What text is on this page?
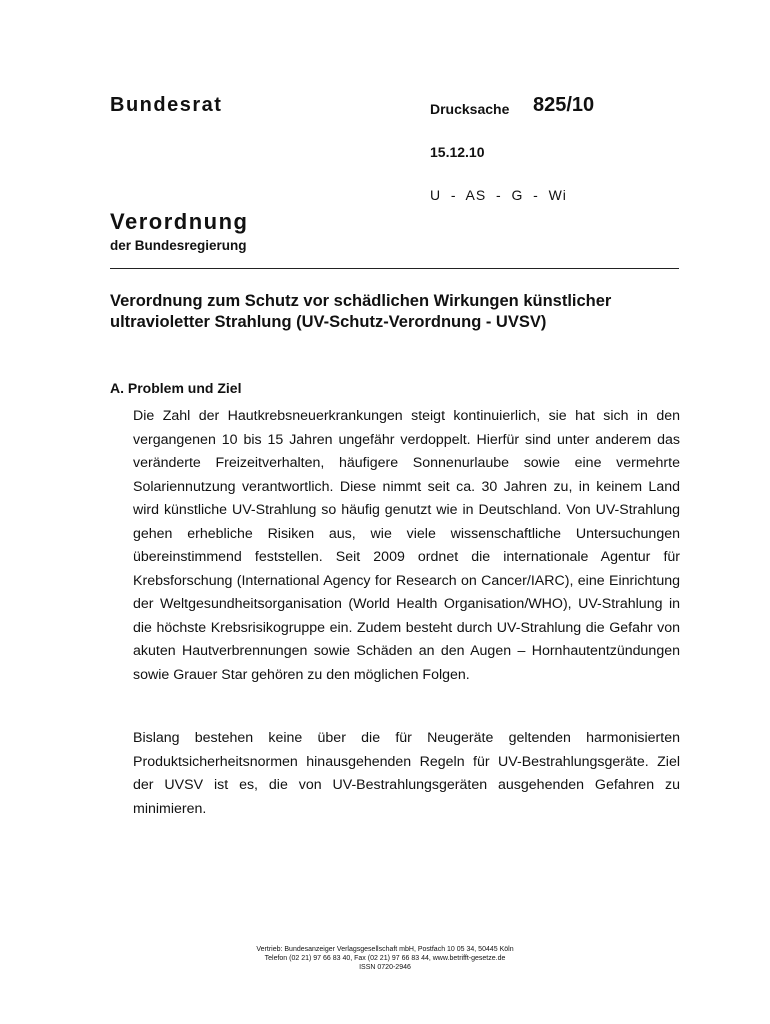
Bundesrat	Drucksache 825/10
15.12.10
U  -  AS  -  G  -  Wi
Verordnung
der Bundesregierung
Verordnung zum Schutz vor schädlichen Wirkungen künstlicher ultravioletter Strahlung (UV-Schutz-Verordnung - UVSV)
A. Problem und Ziel
Die Zahl der Hautkrebsneuerkrankungen steigt kontinuierlich, sie hat sich in den vergangenen 10 bis 15 Jahren ungefähr verdoppelt. Hierfür sind unter anderem das veränderte Freizeitverhalten, häufigere Sonnenurlaube sowie eine vermehrte Solariennutzung verantwortlich. Diese nimmt seit ca. 30 Jahren zu, in keinem Land wird künstliche UV-Strahlung so häufig genutzt wie in Deutschland. Von UV-Strahlung gehen erhebliche Risiken aus, wie viele wissenschaftliche Untersuchungen übereinstimmend feststellen. Seit 2009 ordnet die internationale Agentur für Krebsforschung (International Agency for Research on Cancer/IARC), eine Einrichtung der Weltgesundheitsorganisation (World Health Organisation/WHO), UV-Strahlung in die höchste Krebsrisikogruppe ein. Zudem besteht durch UV-Strahlung die Gefahr von akuten Hautverbrennungen sowie Schäden an den Augen – Hornhautentzündungen sowie Grauer Star gehören zu den möglichen Folgen.
Bislang bestehen keine über die für Neugeräte geltenden harmonisierten Produktsicherheitsnormen hinausgehenden Regeln für UV-Bestrahlungsgeräte. Ziel der UVSV ist es, die von UV-Bestrahlungsgeräten ausgehenden Gefahren zu minimieren.
Vertrieb: Bundesanzeiger Verlagsgesellschaft mbH, Postfach 10 05 34, 50445 Köln
Telefon (02 21) 97 66 83 40, Fax (02 21) 97 66 83 44, www.betrifft-gesetze.de
ISSN 0720-2946
